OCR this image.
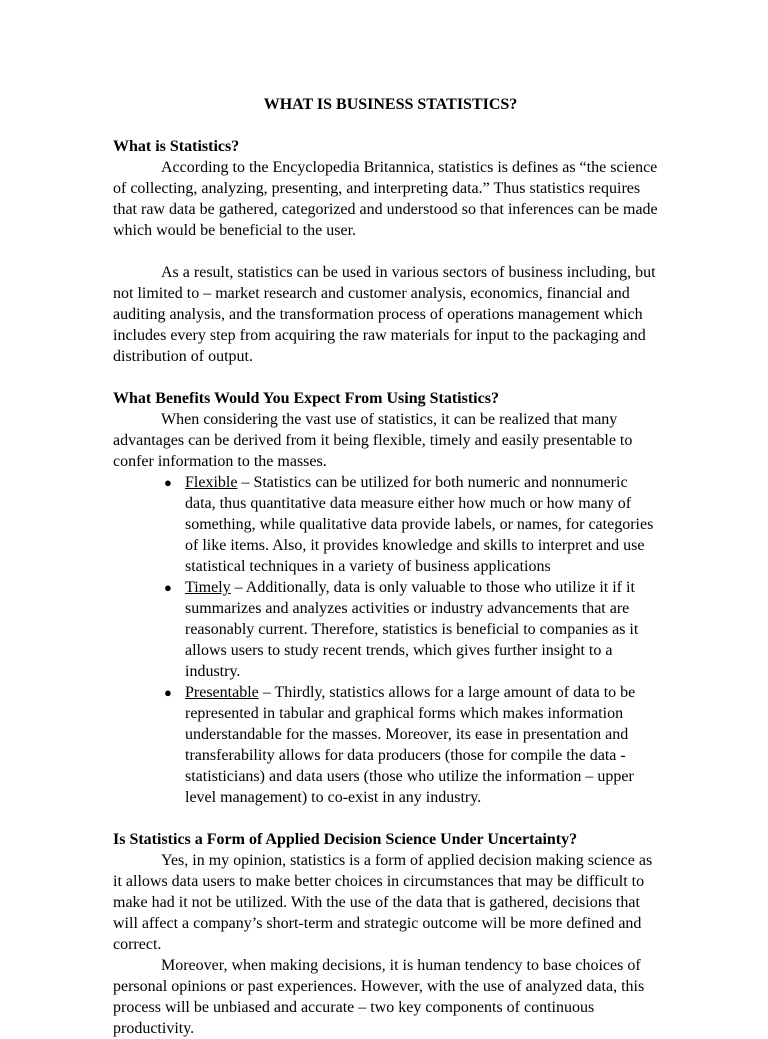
WHAT IS BUSINESS STATISTICS?
What is Statistics?

According to the Encyclopedia Britannica, statistics is defines as “the science of collecting, analyzing, presenting, and interpreting data.” Thus statistics requires that raw data be gathered, categorized and understood so that inferences can be made which would be beneficial to the user.

As a result, statistics can be used in various sectors of business including, but not limited to – market research and customer analysis, economics, financial and auditing analysis, and the transformation process of operations management which includes every step from acquiring the raw materials for input to the packaging and distribution of output.

What Benefits Would You Expect From Using Statistics?

When considering the vast use of statistics, it can be realized that many advantages can be derived from it being flexible, timely and easily presentable to confer information to the masses.

● Flexible – Statistics can be utilized for both numeric and nonnumeric data, thus quantitative data measure either how much or how many of something, while qualitative data provide labels, or names, for categories of like items. Also, it provides knowledge and skills to interpret and use statistical techniques in a variety of business applications
● Timely – Additionally, data is only valuable to those who utilize it if it summarizes and analyzes activities or industry advancements that are reasonably current. Therefore, statistics is beneficial to companies as it allows users to study recent trends, which gives further insight to a industry.
● Presentable – Thirdly, statistics allows for a large amount of data to be represented in tabular and graphical forms which makes information understandable for the masses. Moreover, its ease in presentation and transferability allows for data producers (those for compile the data - statisticians) and data users (those who utilize the information – upper level management) to co-exist in any industry.
Is Statistics a Form of Applied Decision Science Under Uncertainty?

Yes, in my opinion, statistics is a form of applied decision making science as it allows data users to make better choices in circumstances that may be difficult to make had it not be utilized. With the use of the data that is gathered, decisions that will affect a company’s short-term and strategic outcome will be more defined and correct.

Moreover, when making decisions, it is human tendency to base choices of personal opinions or past experiences. However, with the use of analyzed data, this process will be unbiased and accurate – two key components of continuous productivity.
